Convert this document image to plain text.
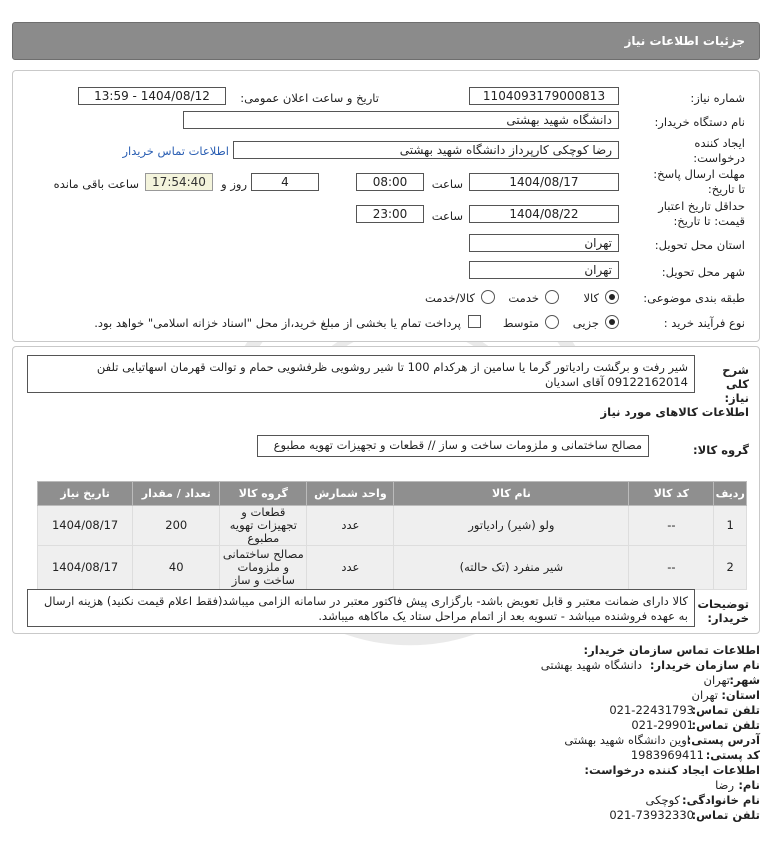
جزئیات اطلاعات نیاز
شماره نیاز:
1104093179000813
تاریخ و ساعت اعلان عمومی:
1404/08/12 - 13:59
نام دستگاه خریدار:
دانشگاه شهید بهشتی
ایجاد کننده
درخواست:
رضا کوچکی کارپرداز دانشگاه شهید بهشتی
اطلاعات تماس خریدار
مهلت ارسال پاسخ:
تا تاریخ:
1404/08/17
ساعت
08:00
4
روز و
17:54:40
ساعت باقی مانده
حداقل تاریخ اعتبار
قیمت: تا تاریخ:
1404/08/22
ساعت
23:00
استان محل تحویل:
تهران
شهر محل تحویل:
تهران
طبقه بندی موضوعی:
کالا
خدمت
کالا/خدمت
نوع فرآیند خرید :
جزیی
متوسط
پرداخت تمام یا بخشی از مبلغ خرید،از محل "اسناد خزانه اسلامی" خواهد بود.
شرح کلی نیاز:
شیر رفت و برگشت رادیاتور گرما یا سامین از هرکدام 100 تا شیر روشویی ظرفشویی حمام و توالت قهرمان اسهاتیایی تلفن 09122162014 آقای اسدیان
اطلاعات کالاهای مورد نیاز
گروه کالا:
مصالح ساختمانی و ملزومات ساخت و ساز // قطعات و تجهیزات تهویه مطبوع
ردیف	کد کالا	نام کالا	واحد شمارش	گروه کالا	تعداد / مقدار	تاریخ نیاز
1	--	ولو (شیر) رادیاتور	عدد	قطعات و تجهیزات تهویه مطبوع	200	1404/08/17
2	--	شیر منفرد (تک حالته)	عدد	مصالح ساختمانی و ملزومات ساخت و ساز	40	1404/08/17
توضیحات خریدار:
کالا دارای ضمانت معتبر و قابل تعویض باشد- بارگزاری پیش فاکتور معتبر در سامانه الزامی میباشد(فقط اعلام قیمت نکنید) هزینه ارسال به عهده فروشنده میباشد - تسویه بعد از اتمام مراحل ستاد یک ماکاهه میباشد.
اطلاعات تماس سازمان خریدار:
نام سازمان خریدار:
دانشگاه شهید بهشتی
شهر:
تهران
استان:
تهران
تلفن تماس:
021-22431793
تلفن تماس:
021-29901
آدرس پستی:
اوین دانشگاه شهید بهشتی
کد پستی:
1983969411
اطلاعات ایجاد کننده درخواست:
نام:
رضا
نام خانوادگی:
کوچکی
تلفن تماس:
021-73932330
